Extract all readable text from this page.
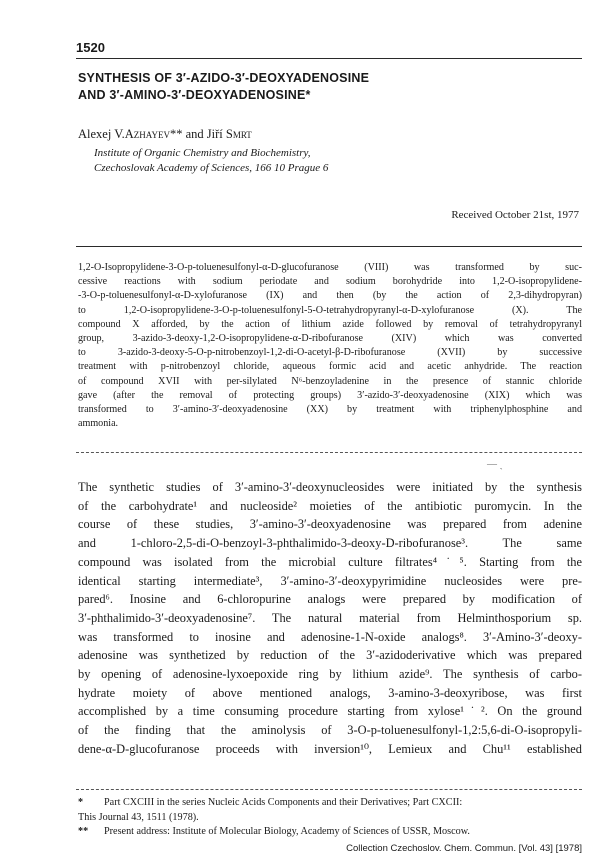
1520
SYNTHESIS OF 3′-AZIDO-3′-DEOXYADENOSINE
AND 3′-AMINO-3′-DEOXYADENOSINE*
Alexej V.Azhayev** and Jiří Smrt
Institute of Organic Chemistry and Biochemistry,
Czechoslovak Academy of Sciences, 166 10 Prague 6
Received October 21st, 1977
1,2-O-Isopropylidene-3-O-p-toluenesulfonyl-α-D-glucofuranose (VIII) was transformed by suc-
cessive reactions with sodium periodate and sodium borohydride into 1,2-O-isopropylidene-
-3-O-p-toluenesulfonyl-α-D-xylofuranose (IX) and then (by the action of 2,3-dihydropyran)
to 1,2-O-isopropylidene-3-O-p-toluenesulfonyl-5-O-tetrahydropyranyl-α-D-xylofuranose (X). The
compound X afforded, by the action of lithium azide followed by removal of tetrahydropyranyl
group, 3-azido-3-deoxy-1,2-O-isopropylidene-α-D-ribofuranose (XIV) which was converted
to 3-azido-3-deoxy-5-O-p-nitrobenzoyl-1,2-di-O-acetyl-β-D-ribofuranose (XVII) by successive
treatment with p-nitrobenzoyl chloride, aqueous formic acid and acetic anhydride. The reaction
of compound XVII with per-silylated N⁶-benzoyladenine in the presence of stannic chloride
gave (after the removal of protecting groups) 3′-azido-3′-deoxyadenosine (XIX) which was
transformed to 3′-amino-3′-deoxyadenosine (XX) by treatment with triphenylphosphine and
ammonia.
— ˎ
The synthetic studies of 3′-amino-3′-deoxynucleosides were initiated by the synthesis
of the carbohydrate¹ and nucleoside² moieties of the antibiotic puromycin. In the
course of these studies, 3′-amino-3′-deoxyadenosine was prepared from adenine
and 1-chloro-2,5-di-O-benzoyl-3-phthalimido-3-deoxy-D-ribofuranose³. The same
compound was isolated from the microbial culture filtrates⁴˙⁵. Starting from the
identical starting intermediate³, 3′-amino-3′-deoxypyrimidine nucleosides were pre-
pared⁶. Inosine and 6-chloropurine analogs were prepared by modification of
3′-phthalimido-3′-deoxyadenosine⁷. The natural material from Helminthosporium sp.
was transformed to inosine and adenosine-1-N-oxide analogs⁸. 3′-Amino-3′-deoxy-
adenosine was synthetized by reduction of the 3′-azidoderivative which was prepared
by opening of adenosine-lyxoepoxide ring by lithium azide⁹. The synthesis of carbo-
hydrate moiety of above mentioned analogs, 3-amino-3-deoxyribose, was first
accomplished by a time consuming procedure starting from xylose¹˙². On the ground
of the finding that the aminolysis of 3-O-p-toluenesulfonyl-1,2:5,6-di-O-isopropyli-
dene-α-D-glucofuranose proceeds with inversion¹⁰, Lemieux and Chu¹¹ established
*	Part CXCIII in the series Nucleic Acids Components and their Derivatives; Part CXCII:
This Journal 43, 1511 (1978).
**	Present address: Institute of Molecular Biology, Academy of Sciences of USSR, Moscow.
Collection Czechoslov. Chem. Commun. [Vol. 43] [1978]
